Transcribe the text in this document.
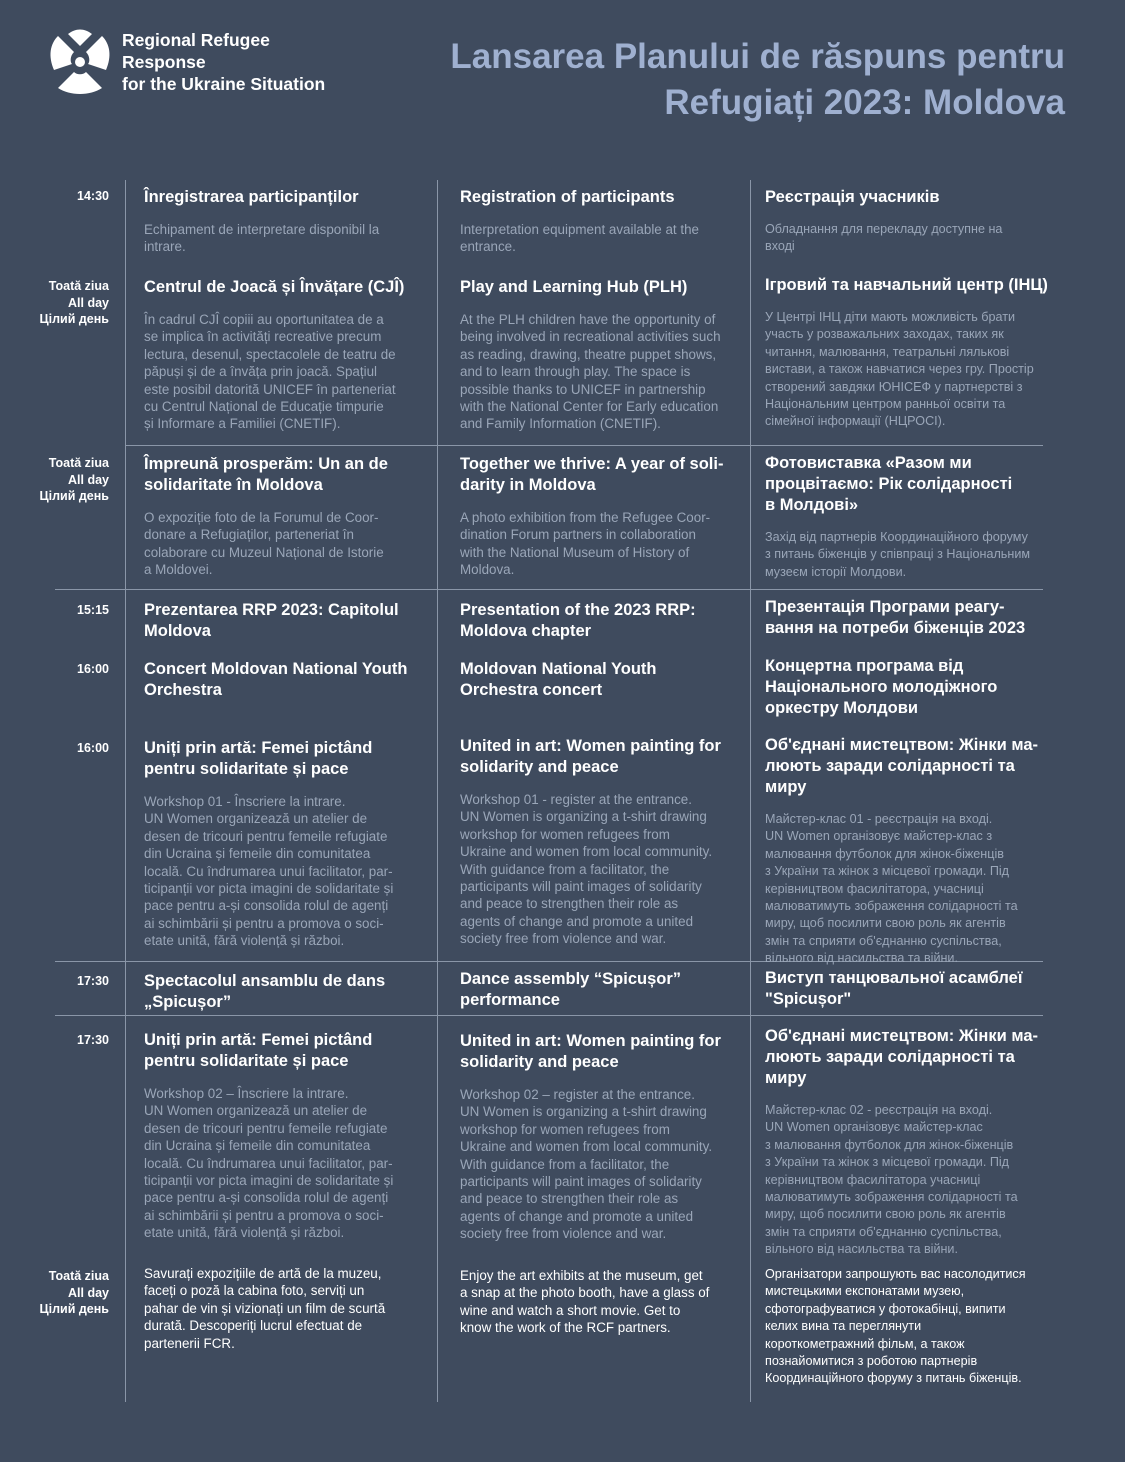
Regional Refugee Response
for the Ukraine Situation
Lansarea Planului de răspuns pentru
Refugiați 2023: Moldova
14:30 Înregistrarea participanților
Echipament de interpretare disponibil la
intrare.
Registration of participants
Interpretation equipment available at the
entrance.
Реєстрація учасників
Обладнання для перекладу доступне на
вході
Toată ziua
All day
Цілий день
Centrul de Joacă și Învățare (CJÎ)
În cadrul CJÎ copiii au oportunitatea de a
se implica în activități recreative precum
lectura, desenul, spectacolele de teatru de
păpuși și de a învăța prin joacă. Spațiul
este posibil datorită UNICEF în parteneriat
cu Centrul Național de Educație timpurie
și Informare a Familiei (CNETIF).
Play and Learning Hub (PLH)
At the PLH children have the opportunity of
being involved in recreational activities such
as reading, drawing, theatre puppet shows,
and to learn through play. The space is
possible thanks to UNICEF in partnership
with the National Center for Early education
and Family Information (CNETIF).
Ігровий та навчальний центр (ІНЦ)
У Центрі ІНЦ діти мають можливість брати
участь у розважальних заходах, таких як
читання, малювання, театральні лялькові
вистави, а також навчатися через гру. Простір
створений завдяки ЮНІСЕФ у партнерстві з
Національним центром ранньої освіти та
сімейної інформації (НЦРОСІ).
Toată ziua
All day
Цілий день
Împreună prosperăm: Un an de
solidaritate în Moldova
O expoziție foto de la Forumul de Coor-
donare a Refugiaților, parteneriat în
colaborare cu Muzeul Național de Istorie
a Moldovei.
Together we thrive: A year of soli-
darity in Moldova
A photo exhibition from the Refugee Coor-
dination Forum partners in collaboration
with the National Museum of History of
Moldova.
Фотовиставка «Разом ми
процвітаємо: Рік солідарності
в Молдові»
Захід від партнерів Координаційного форуму
з питань біженців у співпраці з Національним
музеєм історії Молдови.
15:15 Prezentarea RRP 2023: Capitolul
Moldova
Presentation of the 2023 RRP:
Moldova chapter
Презентація Програми реагу-
вання на потреби біженців 2023
16:00 Concert Moldovan National Youth
Orchestra
Moldovan National Youth
Orchestra concert
Концертна програма від
Національного молодіжного
оркестру Молдови
16:00 Uniți prin artă: Femei pictând
pentru solidaritate și pace
Workshop 01 - Înscriere la intrare.
UN Women organizează un atelier de
desen de tricouri pentru femeile refugiate
din Ucraina și femeile din comunitatea
locală. Cu îndrumarea unui facilitator, par-
ticipanții vor picta imagini de solidaritate și
pace pentru a-și consolida rolul de agenți
ai schimbării și pentru a promova o soci-
etate unită, fără violență și război.
United in art: Women painting for
solidarity and peace
Workshop 01 - register at the entrance.
UN Women is organizing a t-shirt drawing
workshop for women refugees from
Ukraine and women from local community.
With guidance from a facilitator, the
participants will paint images of solidarity
and peace to strengthen their role as
agents of change and promote a united
society free from violence and war.
Об'єднані мистецтвом: Жінки ма-
люють заради солідарності та миру
Майстер-клас 01 - реєстрація на вході.
UN Women організовує майстер-клас з
малювання футболок для жінок-біженців
з України та жінок з місцевої громади. Під
керівництвом фасилітатора, учасниці
малюватимуть зображення солідарності та
миру, щоб посилити свою роль як агентів
змін та сприяти об'єднанню суспільства,
вільного від насильства та війни.
17:30 Spectacolul ansamblu de dans
„Spicușor”
Dance assembly “Spicușor”
performance
Виступ танцювальної асамблеї
"Spicușor"
17:30 Uniți prin artă: Femei pictând
pentru solidaritate și pace
Workshop 02 – Înscriere la intrare.
UN Women organizează un atelier de
desen de tricouri pentru femeile refugiate
din Ucraina și femeile din comunitatea
locală. Cu îndrumarea unui facilitator, par-
ticipanții vor picta imagini de solidaritate și
pace pentru a-și consolida rolul de agenți
ai schimbării și pentru a promova o soci-
etate unită, fără violență și război.
United in art: Women painting for
solidarity and peace
Workshop 02 – register at the entrance.
UN Women is organizing a t-shirt drawing
workshop for women refugees from
Ukraine and women from local community.
With guidance from a facilitator, the
participants will paint images of solidarity
and peace to strengthen their role as
agents of change and promote a united
society free from violence and war.
Об'єднані мистецтвом: Жінки ма-
люють заради солідарності та миру
Майстер-клас 02 - реєстрація на вході.
UN Women організовує майстер-клас
з малювання футболок для жінок-біженців
з України та жінок з місцевої громади. Під
керівництвом фасилітатора учасниці
малюватимуть зображення солідарності та
миру, щоб посилити свою роль як агентів
змін та сприяти об'єднанню суспільства,
вільного від насильства та війни.
Toată ziua
All day
Цілий день
Savurați expozițiile de artă de la muzeu,
faceți o poză la cabina foto, serviți un
pahar de vin și vizionați un film de scurtă
durată. Descoperiți lucrul efectuat de
partenerii FCR.
Enjoy the art exhibits at the museum, get
a snap at the photo booth, have a glass of
wine and watch a short movie. Get to
know the work of the RCF partners.
Організатори запрошують вас насолодитися
мистецькими експонатами музею,
сфотографуватися у фотокабінці, випити
келих вина та переглянути
короткометражний фільм, а також
познайомитися з роботою партнерів
Координаційного форуму з питань біженців.
